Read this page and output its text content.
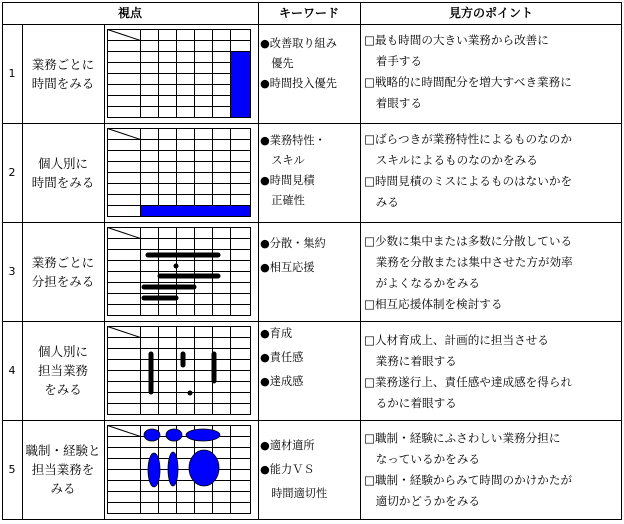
視点	キーワード	見方のポイント
1
業務ごとに
時間をみる
●改善取り組み
　優先
●時間投入優先
□最も時間の大きい業務から改善に
　着手する
□戦略的に時間配分を増大すべき業務に
　着眼する
2
個人別に
時間をみる
●業務特性・
　スキル
●時間見積
　正確性
□ばらつきが業務特性によるものなのか
　スキルによるものなのかをみる
□時間見積のミスによるものはないかを
　みる
3
業務ごとに
分担をみる
●分散・集約
●相互応援
□少数に集中または多数に分散している
　業務を分散または集中させた方が効率
　がよくなるかをみる
□相互応援体制を検討する
4
個人別に
担当業務
をみる
●育成
●責任感
●達成感
□人材育成上、計画的に担当させる
　業務に着眼する
□業務遂行上、責任感や達成感を得られ
　るかに着眼する
5
職制・経験と
担当業務を
みる
●適材適所
●能力ＶＳ
　時間適切性
□職制・経験にふさわしい業務分担に
　なっているかをみる
□職制・経験からみて時間のかけかたが
　適切かどうかをみる
